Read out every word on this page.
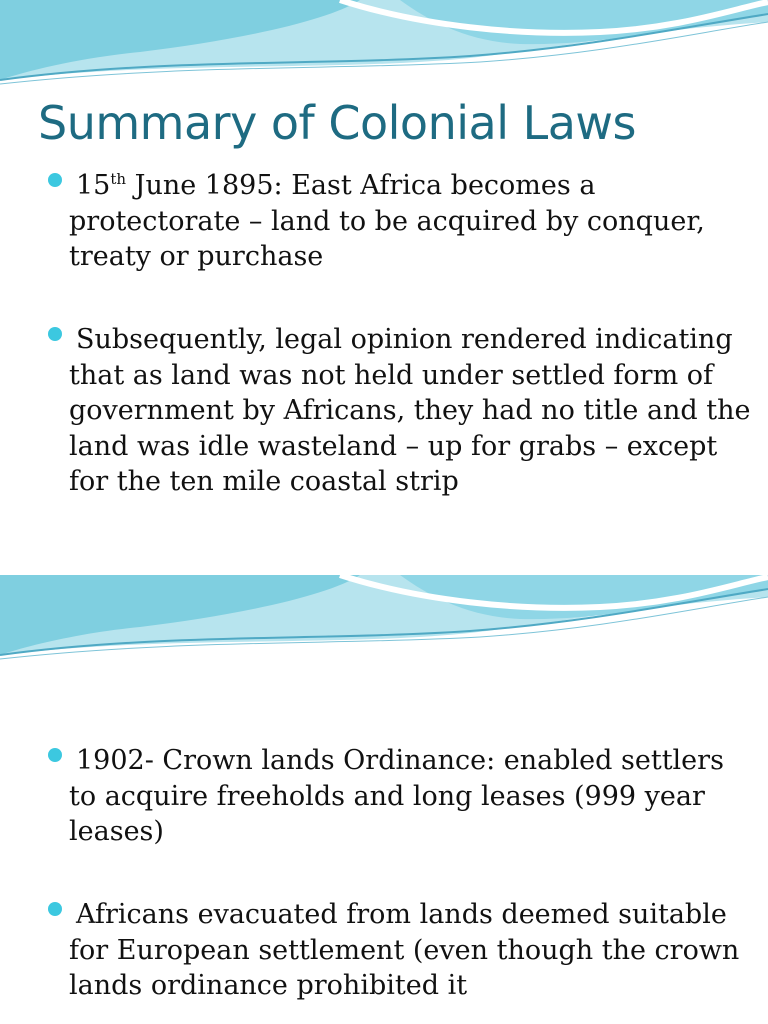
Summary of Colonial Laws
15th June 1895: East Africa becomes a protectorate – land to be acquired by conquer, treaty or purchase
Subsequently, legal opinion rendered indicating that as land was not held under settled form of government by Africans, they had no title and the land was idle wasteland – up for grabs – except for the ten mile coastal strip
1902- Crown lands Ordinance: enabled settlers to acquire freeholds and long leases (999 year leases)
Africans evacuated from lands deemed suitable for European settlement (even though the crown lands ordinance prohibited it
